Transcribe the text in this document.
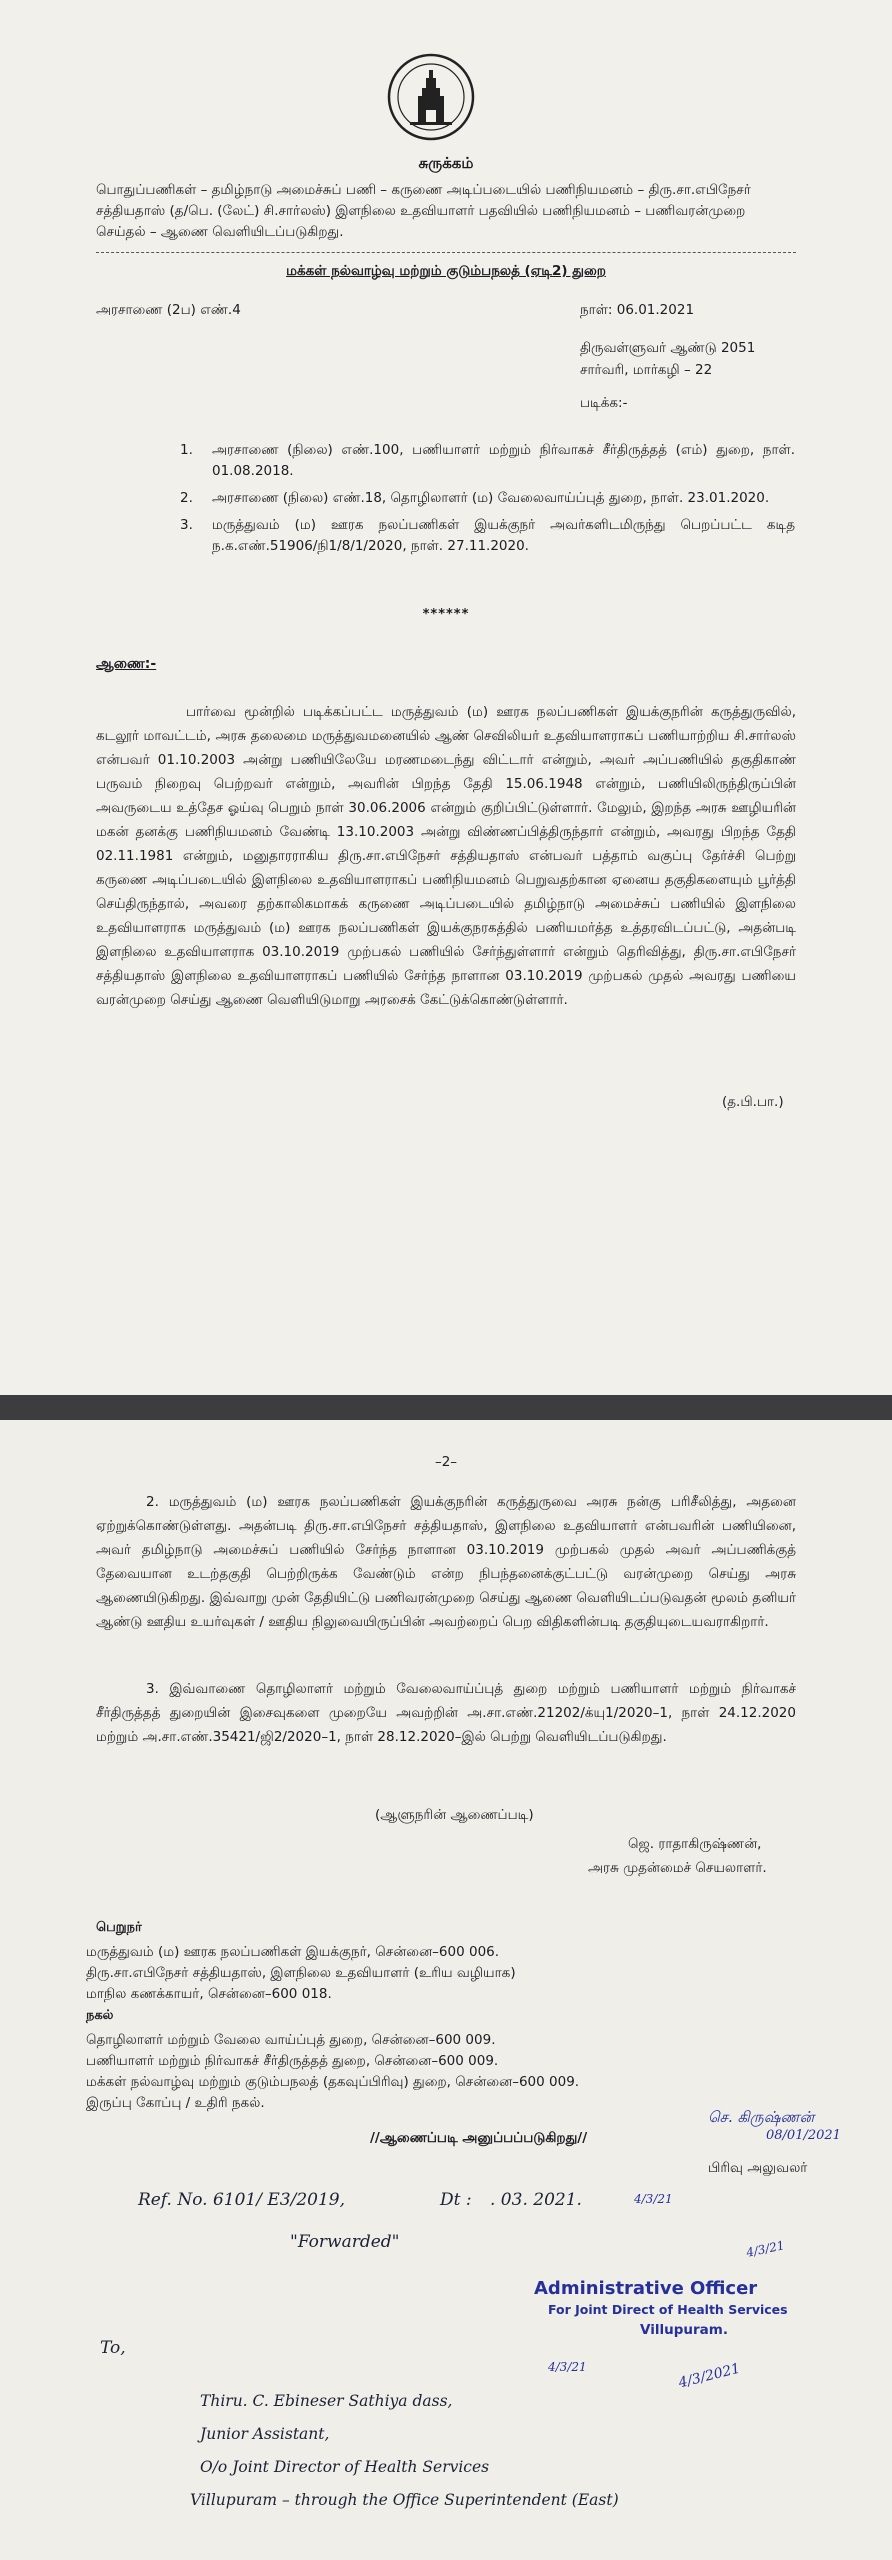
சுருக்கம்
பொதுப்பணிகள் – தமிழ்நாடு அமைச்சுப் பணி – கருணை அடிப்படையில் பணிநியமனம் – திரு.சா.எபிநேசர் சத்தியதாஸ் (த/பெ. (லேட்) சி.சார்லஸ்) இளநிலை உதவியாளர் பதவியில் பணிநியமனம் – பணிவரன்முறை செய்தல் – ஆணை வெளியிடப்படுகிறது.
மக்கள் நல்வாழ்வு மற்றும் குடும்பநலத் (ஏடி2) துறை
அரசாணை (2ப) எண்.4	நாள்: 06.01.2021
திருவள்ளுவர் ஆண்டு 2051
சார்வரி, மார்கழி – 22
படிக்க:-
1. அரசாணை (நிலை) எண்.100, பணியாளர் மற்றும் நிர்வாகச் சீர்திருத்தத் (எம்) துறை, நாள். 01.08.2018.
2. அரசாணை (நிலை) எண்.18, தொழிலாளர் (ம) வேலைவாய்ப்புத் துறை, நாள். 23.01.2020.
3. மருத்துவம் (ம) ஊரக நலப்பணிகள் இயக்குநர் அவர்களிடமிருந்து பெறப்பட்ட கடித ந.க.எண்.51906/நி1/8/1/2020, நாள். 27.11.2020.
******
ஆணை:-
பார்வை மூன்றில் படிக்கப்பட்ட மருத்துவம் (ம) ஊரக நலப்பணிகள் இயக்குநரின் கருத்துருவில், கடலூர் மாவட்டம், அரசு தலைமை மருத்துவமனையில் ஆண் செவிலியர் உதவியாளராகப் பணியாற்றிய சி.சார்லஸ் என்பவர் 01.10.2003 அன்று பணியிலேயே மரணமடைந்து விட்டார் என்றும், அவர் அப்பணியில் தகுதிகாண் பருவம் நிறைவு பெற்றவர் என்றும், அவரின் பிறந்த தேதி 15.06.1948 என்றும், பணியிலிருந்திருப்பின் அவருடைய உத்தேச ஓய்வு பெறும் நாள் 30.06.2006 என்றும் குறிப்பிட்டுள்ளார். மேலும், இறந்த அரசு ஊழியரின் மகன் தனக்கு பணிநியமனம் வேண்டி 13.10.2003 அன்று விண்ணப்பித்திருந்தார் என்றும், அவரது பிறந்த தேதி 02.11.1981 என்றும், மனுதாரராகிய திரு.சா.எபிநேசர் சத்தியதாஸ் என்பவர் பத்தாம் வகுப்பு தேர்ச்சி பெற்று கருணை அடிப்படையில் இளநிலை உதவியாளராகப் பணிநியமனம் பெறுவதற்கான ஏனைய தகுதிகளையும் பூர்த்தி செய்திருந்தால், அவரை தற்காலிகமாகக் கருணை அடிப்படையில் தமிழ்நாடு அமைச்சுப் பணியில் இளநிலை உதவியாளராக மருத்துவம் (ம) ஊரக நலப்பணிகள் இயக்குநரகத்தில் பணியமர்த்த உத்தரவிடப்பட்டு, அதன்படி இளநிலை உதவியாளராக 03.10.2019 முற்பகல் பணியில் சேர்ந்துள்ளார் என்றும் தெரிவித்து, திரு.சா.எபிநேசர் சத்தியதாஸ் இளநிலை உதவியாளராகப் பணியில் சேர்ந்த நாளான 03.10.2019 முற்பகல் முதல் அவரது பணியை வரன்முறை செய்து ஆணை வெளியிடுமாறு அரசைக் கேட்டுக்கொண்டுள்ளார்.
(த.பி.பா.)
–2–
2. மருத்துவம் (ம) ஊரக நலப்பணிகள் இயக்குநரின் கருத்துருவை அரசு நன்கு பரிசீலித்து, அதனை ஏற்றுக்கொண்டுள்ளது. அதன்படி திரு.சா.எபிநேசர் சத்தியதாஸ், இளநிலை உதவியாளர் என்பவரின் பணியினை, அவர் தமிழ்நாடு அமைச்சுப் பணியில் சேர்ந்த நாளான 03.10.2019 முற்பகல் முதல் அவர் அப்பணிக்குத் தேவையான உடற்தகுதி பெற்றிருக்க வேண்டும் என்ற நிபந்தனைக்குட்பட்டு வரன்முறை செய்து அரசு ஆணையிடுகிறது. இவ்வாறு முன் தேதியிட்டு பணிவரன்முறை செய்து ஆணை வெளியிடப்படுவதன் மூலம் தனியர் ஆண்டு ஊதிய உயர்வுகள் / ஊதிய நிலுவையிருப்பின் அவற்றைப் பெற விதிகளின்படி தகுதியுடையவராகிறார்.
3. இவ்வாணை தொழிலாளர் மற்றும் வேலைவாய்ப்புத் துறை மற்றும் பணியாளர் மற்றும் நிர்வாகச் சீர்திருத்தத் துறையின் இசைவுகளை முறையே அவற்றின் அ.சா.எண்.21202/க்யு1/2020–1, நாள் 24.12.2020 மற்றும் அ.சா.எண்.35421/ஜி2/2020–1, நாள் 28.12.2020–இல் பெற்று வெளியிடப்படுகிறது.
(ஆளுநரின் ஆணைப்படி)
ஜெ. ராதாகிருஷ்ணன்,
அரசு முதன்மைச் செயலாளர்.
பெறுநர்
மருத்துவம் (ம) ஊரக நலப்பணிகள் இயக்குநர், சென்னை–600 006.
திரு.சா.எபிநேசர் சத்தியதாஸ், இளநிலை உதவியாளர் (உரிய வழியாக)
மாநில கணக்காயர், சென்னை–600 018.
நகல்
தொழிலாளர் மற்றும் வேலை வாய்ப்புத் துறை, சென்னை–600 009.
பணியாளர் மற்றும் நிர்வாகச் சீர்திருத்தத் துறை, சென்னை–600 009.
மக்கள் நல்வாழ்வு மற்றும் குடும்பநலத் (தகவுப்பிரிவு) துறை, சென்னை–600 009.
இருப்பு கோப்பு / உதிரி நகல்.
//ஆணைப்படி அனுப்பப்படுகிறது//
செ. கிருஷ்ணன்
08/01/2021
பிரிவு அலுவலர்
Ref. No. 6101/ E3/2019,	Dt : . 03. 2021.	4/3/21
"Forwarded"	4/3/21
Administrative Officer
For Joint Direct of Health Services
Villupuram.
To,
4/3/21	4/3/2021
Thiru. C. Ebineser Sathiya dass,
Junior Assistant,
O/o Joint Director of Health Services
Villupuram – through the Office Superintendent (East)
